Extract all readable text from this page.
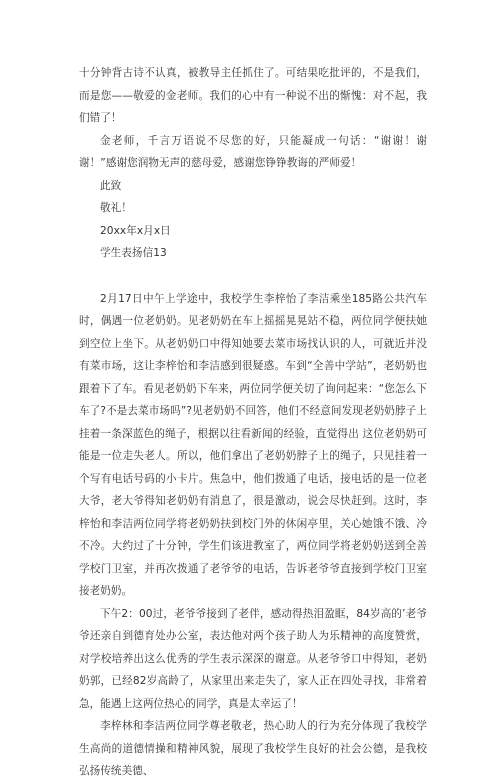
十分钟背古诗不认真，被教导主任抓住了。可结果吃批评的，不是我们，而是您——敬爱的金老师。我们的心中有一种说不出的惭愧：对不起，我们错了！

金老师，千言万语说不尽您的好，只能凝成一句话：“谢谢！谢谢！”感谢您润物无声的慈母爱，感谢您铮铮教诲的严师爱！

此致

敬礼！

20xx年x月x日

学生表扬信13

2月17日中午上学途中，我校学生李梓怡了李洁乘坐185路公共汽车时，偶遇一位老奶奶。见老奶奶在车上摇摇晃晃站不稳，两位同学便扶她到空位上坐下。从老奶奶口中得知她要去菜市场找认识的人，可就近并没有菜市场，这让李梓怡和李洁感到很疑惑。车到“全善中学站”，老奶奶也跟着下了车。看见老奶奶下车来，两位同学便关切了询问起来：“您怎么下车了?不是去菜市场吗”?见老奶奶不回答，他们不经意间发现老奶奶脖子上挂着一条深蓝色的绳子，根据以往看新闻的经验，直觉得出 这位老奶奶可能是一位走失老人。所以，他们拿出了老奶奶脖子上的绳子，只见挂着一个写有电话号码的小卡片。焦急中，他们拨通了电话，接电话的是一位老大爷，老大爷得知老奶奶有消息了，很是激动，说会尽快赶到。这时，李梓怡和李洁两位同学将老奶奶扶到校门外的休闲亭里，关心她饿不饿、冷不冷。大约过了十分钟，学生们该进教室了，两位同学将老奶奶送到全善学校门卫室，并再次拨通了老爷爷的电话，告诉老爷爷直接到学校门卫室接老奶奶。

下午2：00过，老爷爷接到了老伴，感动得热泪盈眶，84岁高的’老爷爷还亲自到德育处办公室，表达他对两个孩子助人为乐精神的高度赞赏，对学校培养出这么优秀的学生表示深深的谢意。从老爷爷口中得知，老奶奶郭，已经82岁高龄了，从家里出来走失了，家人正在四处寻找，非常着急，能遇上这两位热心的同学，真是太幸运了！

李梓林和李洁两位同学尊老敬老，热心助人的行为充分体现了我校学生高尚的道德情操和精神风貌，展现了我校学生良好的社会公德，是我校弘扬传统美德、
